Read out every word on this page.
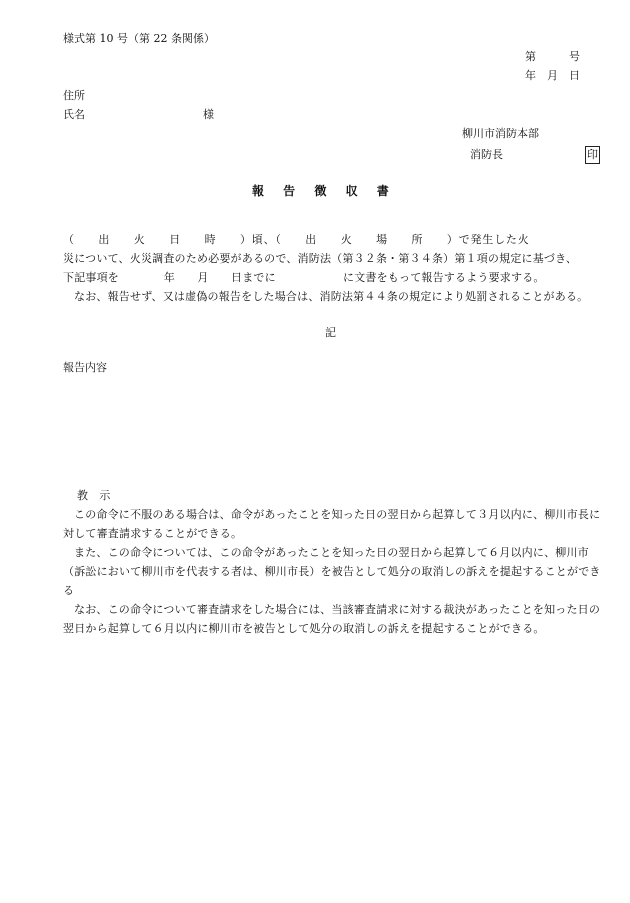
様式第 10 号（第 22 条関係）
第　　　号
年　月　日
住所
氏名	様
柳川市消防本部
消防長	印
報告徴収書

（　　出　　火　　日　　時　　）頃、（　　出　　火　　場　　所　　）で発生した火

災について、火災調査のため必要があるので、消防法（第３２条・第３４条）第１項の規定に基づき、

下記事項を　　　　年　　月　　日までに　　　　　　に文書をもって報告するよう要求する。

なお、報告せず、又は虚偽の報告をした場合は、消防法第４４条の規定により処罰されることがある。

記
報告内容

教　示

この命令に不服のある場合は、命令があったことを知った日の翌日から起算して３月以内に、柳川市長に対して審査請求することができる。

また、この命令については、この命令があったことを知った日の翌日から起算して６月以内に、柳川市（訴訟において柳川市を代表する者は、柳川市長）を被告として処分の取消しの訴えを提起することができる

なお、この命令について審査請求をした場合には、当該審査請求に対する裁決があったことを知った日の翌日から起算して６月以内に柳川市を被告として処分の取消しの訴えを提起することができる。
